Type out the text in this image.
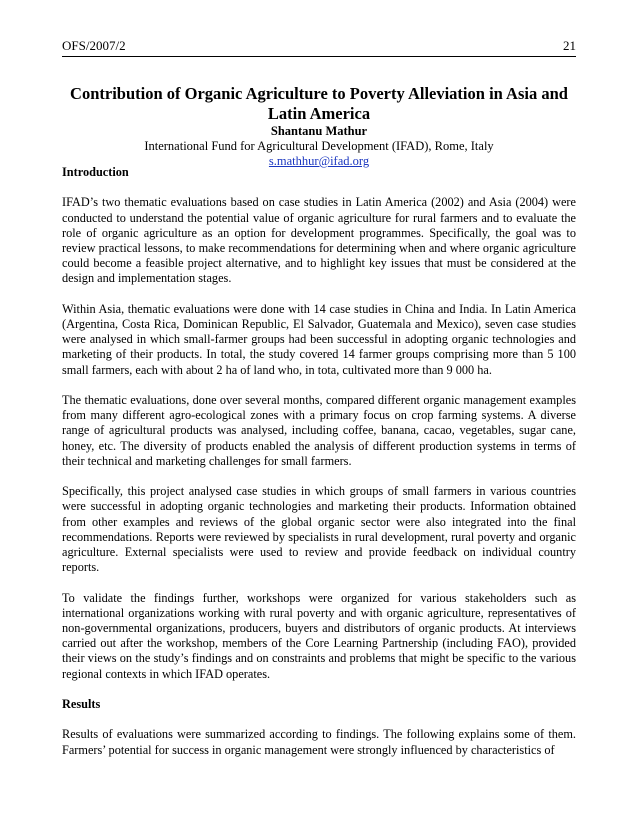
OFS/2007/2	21
Contribution of Organic Agriculture to Poverty Alleviation in Asia and Latin America
Shantanu Mathur
International Fund for Agricultural Development (IFAD), Rome, Italy
s.mathhur@ifad.org
Introduction

IFAD’s two thematic evaluations based on case studies in Latin America (2002) and Asia (2004) were conducted to understand the potential value of organic agriculture for rural farmers and to evaluate the role of organic agriculture as an option for development programmes. Specifically, the goal was to review practical lessons, to make recommendations for determining when and where organic agriculture could become a feasible project alternative, and to highlight key issues that must be considered at the design and implementation stages.

Within Asia, thematic evaluations were done with 14 case studies in China and India. In Latin America (Argentina, Costa Rica, Dominican Republic, El Salvador, Guatemala and Mexico), seven case studies were analysed in which small-farmer groups had been successful in adopting organic technologies and marketing of their products. In total, the study covered 14 farmer groups comprising more than 5 100 small farmers, each with about 2 ha of land who, in tota, cultivated more than 9 000 ha.

The thematic evaluations, done over several months, compared different organic management examples from many different agro-ecological zones with a primary focus on crop farming systems. A diverse range of agricultural products was analysed, including coffee, banana, cacao, vegetables, sugar cane, honey, etc. The diversity of products enabled the analysis of different production systems in terms of their technical and marketing challenges for small farmers.

Specifically, this project analysed case studies in which groups of small farmers in various countries were successful in adopting organic technologies and marketing their products. Information obtained from other examples and reviews of the global organic sector were also integrated into the final recommendations. Reports were reviewed by specialists in rural development, rural poverty and organic agriculture. External specialists were used to review and provide feedback on individual country reports.

To validate the findings further, workshops were organized for various stakeholders such as international organizations working with rural poverty and with organic agriculture, representatives of non-governmental organizations, producers, buyers and distributors of organic products. At interviews carried out after the workshop, members of the Core Learning Partnership (including FAO), provided their views on the study’s findings and on constraints and problems that might be specific to the various regional contexts in which IFAD operates.

Results

Results of evaluations were summarized according to findings. The following explains some of them. Farmers’ potential for success in organic management were strongly influenced by characteristics of
